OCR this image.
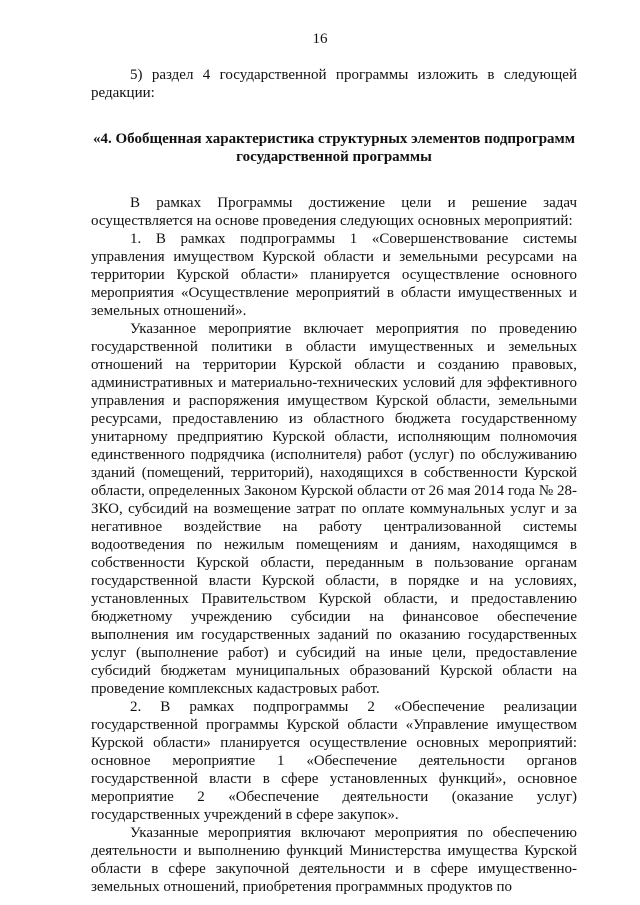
16

5) раздел 4 государственной программы изложить в следующей редакции:

«4. Обобщенная характеристика структурных элементов подпрограмм государственной программы

В рамках Программы достижение цели и решение задач осуществляется на основе проведения следующих основных мероприятий:

1. В рамках подпрограммы 1 «Совершенствование системы управления имуществом Курской области и земельными ресурсами на территории Курской области» планируется осуществление основного мероприятия «Осуществление мероприятий в области имущественных и земельных отношений».

Указанное мероприятие включает мероприятия по проведению государственной политики в области имущественных и земельных отношений на территории Курской области и созданию правовых, административных и материально-технических условий для эффективного управления и распоряжения имуществом Курской области, земельными ресурсами, предоставлению из областного бюджета государственному унитарному предприятию Курской области, исполняющим полномочия единственного подрядчика (исполнителя) работ (услуг) по обслуживанию зданий (помещений, территорий), находящихся в собственности Курской области, определенных Законом Курской области от 26 мая 2014 года № 28-ЗКО, субсидий на возмещение затрат по оплате коммунальных услуг и за негативное воздействие на работу централизованной системы водоотведения по нежилым помещениям и даниям, находящимся в собственности Курской области, переданным в пользование органам государственной власти Курской области, в порядке и на условиях, установленных Правительством Курской области, и предоставлению бюджетному учреждению субсидии на финансовое обеспечение выполнения им государственных заданий по оказанию государственных услуг (выполнение работ) и субсидий на иные цели, предоставление субсидий бюджетам муниципальных образований Курской области на проведение комплексных кадастровых работ.

2. В рамках подпрограммы 2 «Обеспечение реализации государственной программы Курской области «Управление имуществом Курской области» планируется осуществление основных мероприятий: основное мероприятие 1 «Обеспечение деятельности органов государственной власти в сфере установленных функций», основное мероприятие 2 «Обеспечение деятельности (оказание услуг) государственных учреждений в сфере закупок».

Указанные мероприятия включают мероприятия по обеспечению деятельности и выполнению функций Министерства имущества Курской области в сфере закупочной деятельности и в сфере имущественно-земельных отношений, приобретения программных продуктов по
